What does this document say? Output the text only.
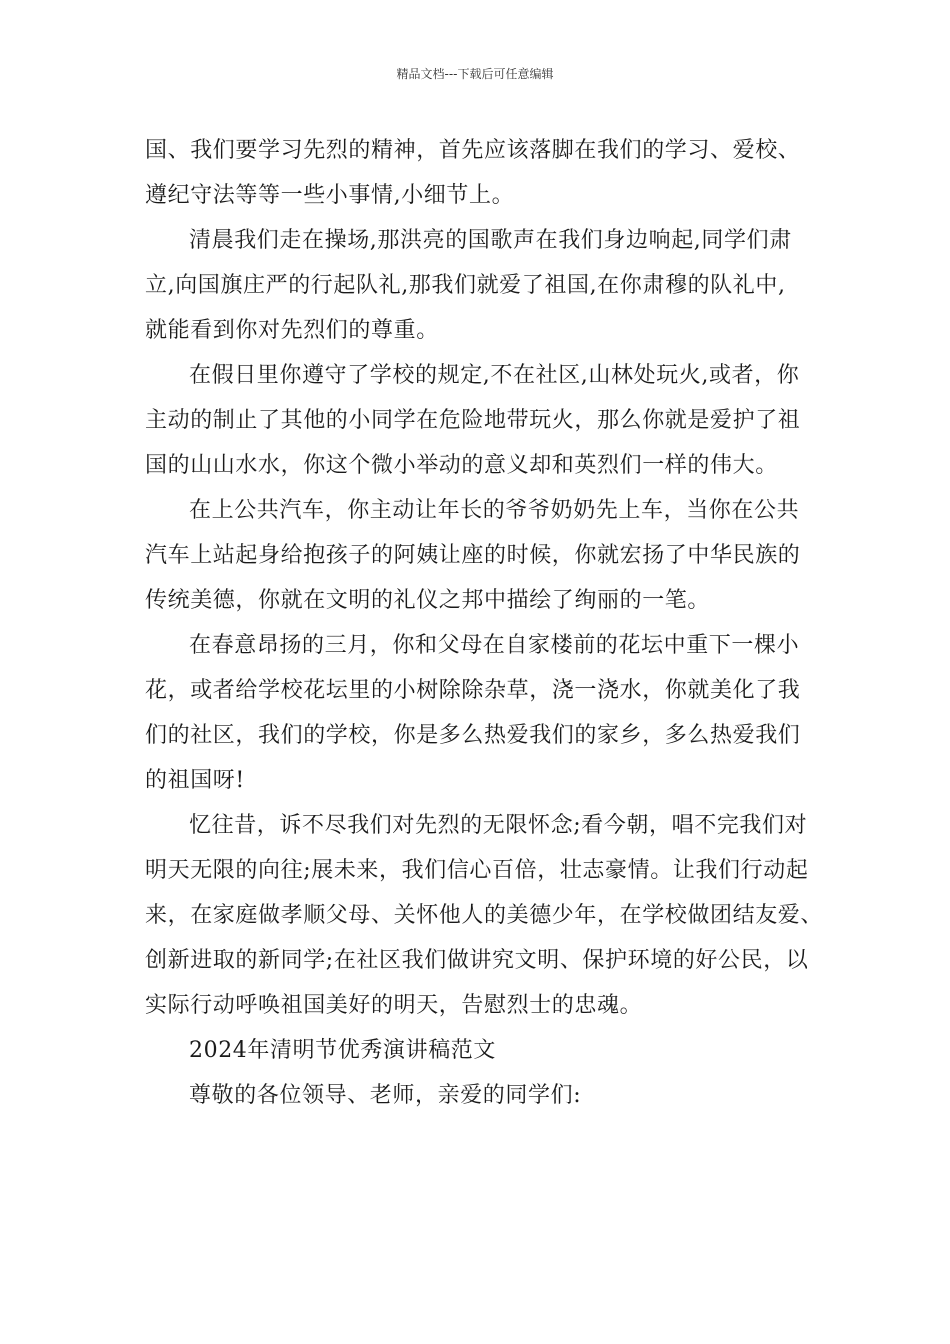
精品文档---下载后可任意编辑
国、我们要学习先烈的精神，首先应该落脚在我们的学习、爱校、
遵纪守法等等一些小事情,小细节上。
清晨我们走在操场,那洪亮的国歌声在我们身边响起,同学们肃
立,向国旗庄严的行起队礼,那我们就爱了祖国,在你肃穆的队礼中,
就能看到你对先烈们的尊重。
在假日里你遵守了学校的规定,不在社区,山林处玩火,或者，你
主动的制止了其他的小同学在危险地带玩火，那么你就是爱护了祖
国的山山水水，你这个微小举动的意义却和英烈们一样的伟大。
在上公共汽车，你主动让年长的爷爷奶奶先上车，当你在公共
汽车上站起身给抱孩子的阿姨让座的时候，你就宏扬了中华民族的
传统美德，你就在文明的礼仪之邦中描绘了绚丽的一笔。
在春意昂扬的三月，你和父母在自家楼前的花坛中重下一棵小
花，或者给学校花坛里的小树除除杂草，浇一浇水，你就美化了我
们的社区，我们的学校，你是多么热爱我们的家乡，多么热爱我们
的祖国呀!
忆往昔，诉不尽我们对先烈的无限怀念;看今朝，唱不完我们对
明天无限的向往;展未来，我们信心百倍，壮志豪情。让我们行动起
来，在家庭做孝顺父母、关怀他人的美德少年，在学校做团结友爱、
创新进取的新同学;在社区我们做讲究文明、保护环境的好公民，以
实际行动呼唤祖国美好的明天，告慰烈士的忠魂。
2024年清明节优秀演讲稿范文
尊敬的各位领导、老师，亲爱的同学们:
